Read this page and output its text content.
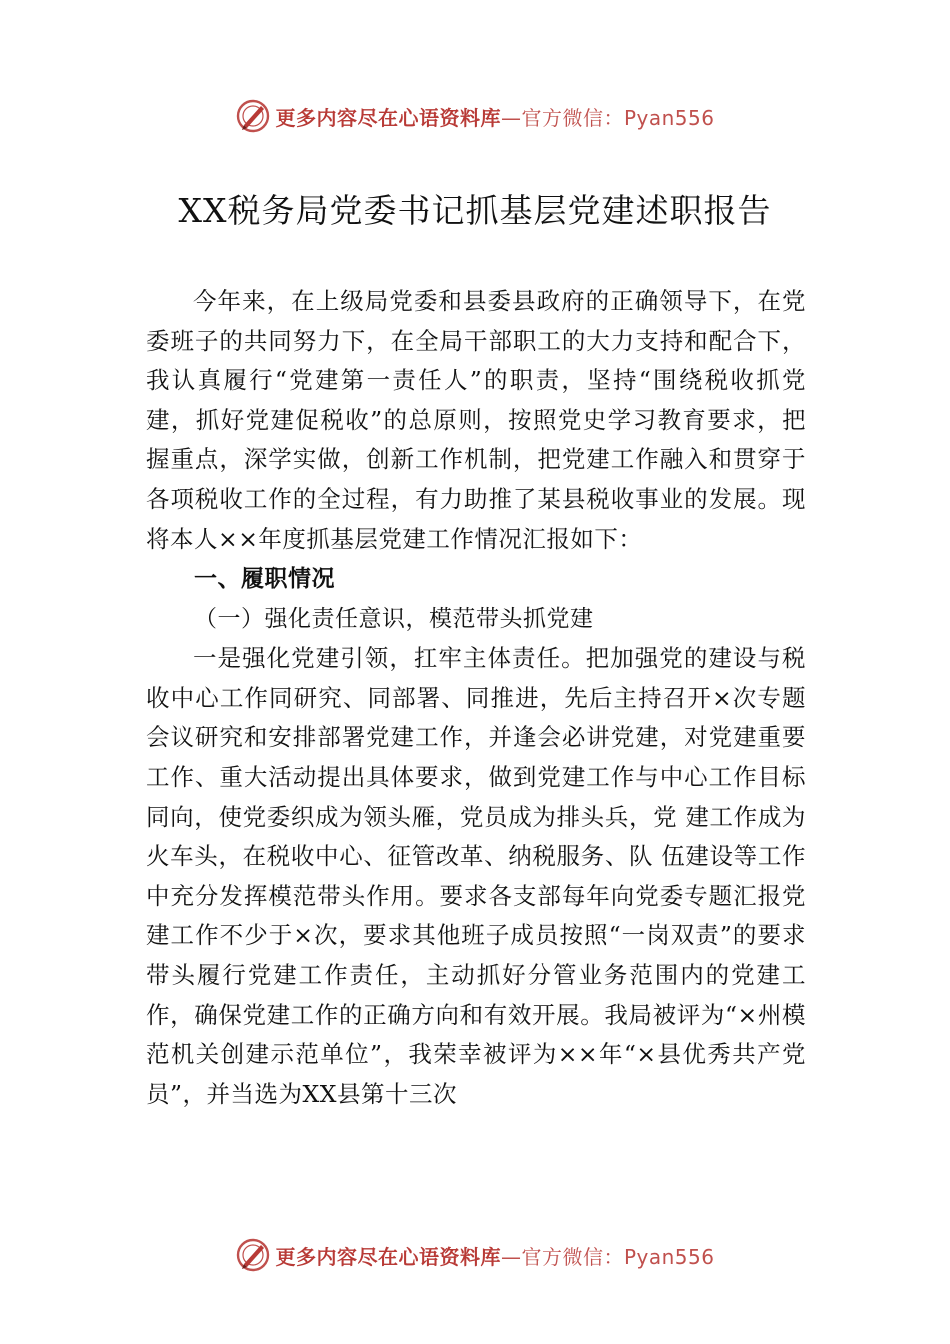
更多内容尽在心语资料库—官方微信：Pyan556
XX税务局党委书记抓基层党建述职报告

今年来，在上级局党委和县委县政府的正确领导下，在党委班子的共同努力下，在全局干部职工的大力支持和配合下，我认真履行“党建第一责任人”的职责，坚持“围绕税收抓党建，抓好党建促税收”的总原则，按照党史学习教育要求，把握重点，深学实做，创新工作机制，把党建工作融入和贯穿于各项税收工作的全过程，有力助推了某县税收事业的发展。现将本人××年度抓基层党建工作情况汇报如下：

一、履职情况

（一）强化责任意识，模范带头抓党建

一是强化党建引领，扛牢主体责任。把加强党的建设与税收中心工作同研究、同部署、同推进，先后主持召开×次专题会议研究和安排部署党建工作，并逢会必讲党建，对党建重要工作、重大活动提出具体要求，做到党建工作与中心工作目标同向，使党委织成为领头雁，党员成为排头兵，党 建工作成为火车头，在税收中心、征管改革、纳税服务、队 伍建设等工作中充分发挥模范带头作用。要求各支部每年向党委专题汇报党建工作不少于×次，要求其他班子成员按照“一岗双责”的要求带头履行党建工作责任，主动抓好分管业务范围内的党建工作，确保党建工作的正确方向和有效开展。我局被评为“×州模范机关创建示范单位”，我荣幸被评为××年“×县优秀共产党员”，并当选为XX县第十三次

更多内容尽在心语资料库—官方微信：Pyan556
